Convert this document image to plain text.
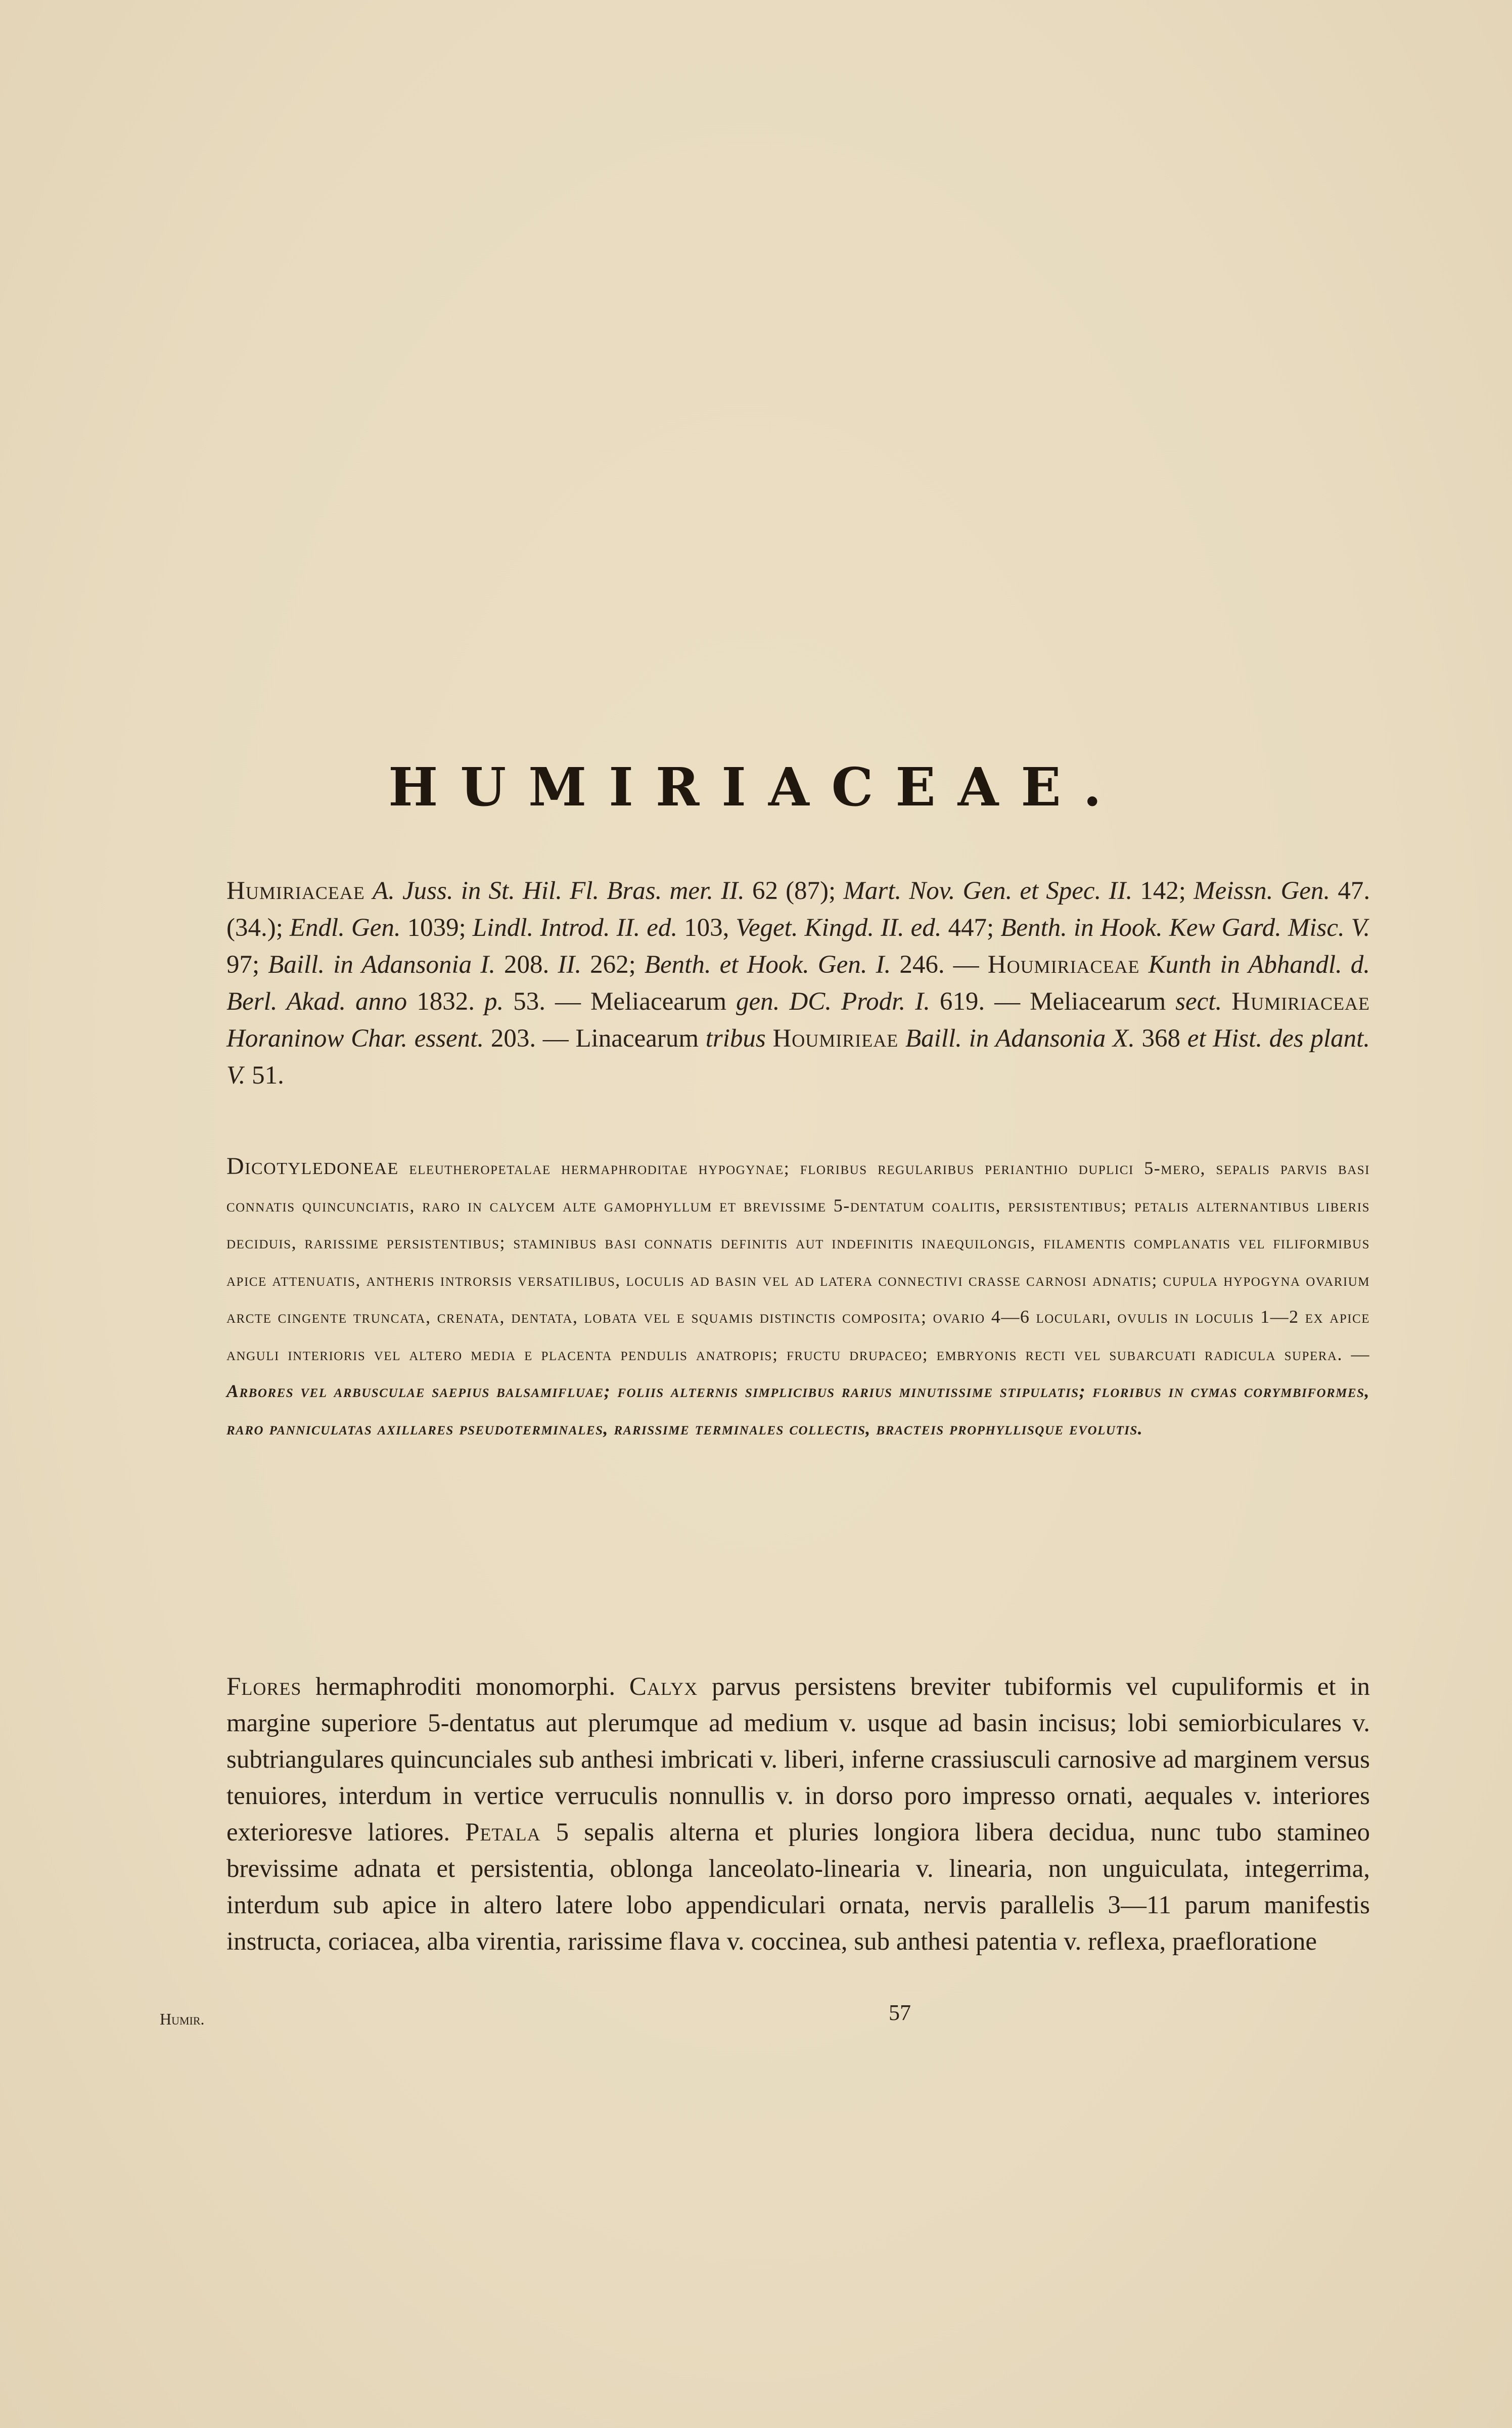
HUMIRIACEAE.

Humiriaceae A. Juss. in St. Hil. Fl. Bras. mer. II. 62 (87); Mart. Nov. Gen. et Spec. II. 142; Meissn. Gen. 47. (34.); Endl. Gen. 1039; Lindl. Introd. II. ed. 103, Veget. Kingd. II. ed. 447; Benth. in Hook. Kew Gard. Misc. V. 97; Baill. in Adansonia I. 208. II. 262; Benth. et Hook. Gen. I. 246. — Houmiriaceae Kunth in Abhandl. d. Berl. Akad. anno 1832. p. 53. — Meliacearum gen. DC. Prodr. I. 619. — Meliacearum sect. Humiriaceae Horaninow Char. essent. 203. — Linacearum tribus Houmirieae Baill. in Adansonia X. 368 et Hist. des plant. V. 51.

Dicotyledoneae eleutheropetalae hermaphroditae hypogynae; floribus regularibus perianthio duplici 5-mero, sepalis parvis basi connatis quincunciatis, raro in calycem alte gamophyllum et brevissime 5-dentatum coalitis, persistentibus; petalis alternantibus liberis deciduis, rarissime persistentibus; staminibus basi connatis definitis aut indefinitis inaequilongis, filamentis complanatis vel filiformibus apice attenuatis, antheris introrsis versatilibus, loculis ad basin vel ad latera connectivi crasse carnosi adnatis; cupula hypogyna ovarium arcte cingente truncata, crenata, dentata, lobata vel e squamis distinctis composita; ovario 4—6 loculari, ovulis in loculis 1—2 ex apice anguli interioris vel altero media e placenta pendulis anatropis; fructu drupaceo; embryonis recti vel subarcuati radicula supera. — Arbores vel arbusculae saepius balsamifluae; foliis alternis simplicibus rarius minutissime stipulatis; floribus in cymas corymbiformes, raro panniculatas axillares pseudoterminales, rarissime terminales collectis, bracteis prophyllisque evolutis.

Flores hermaphroditi monomorphi. Calyx parvus persistens breviter tubiformis vel cupuliformis et in margine superiore 5-dentatus aut plerumque ad medium v. usque ad basin incisus; lobi semiorbiculares v. subtriangulares quincunciales sub anthesi imbricati v. liberi, inferne crassiusculi carnosive ad marginem versus tenuiores, interdum in vertice verruculis nonnullis v. in dorso poro impresso ornati, aequales v. interiores exterioresve latiores. Petala 5 sepalis alterna et pluries longiora libera decidua, nunc tubo stamineo brevissime adnata et persistentia, oblonga lanceolato-linearia v. linearia, non unguiculata, integerrima, interdum sub apice in altero latere lobo appendiculari ornata, nervis parallelis 3—11 parum manifestis instructa, coriacea, alba virentia, rarissime flava v. coccinea, sub anthesi patentia v. reflexa, praefloratione

Humir.	57
